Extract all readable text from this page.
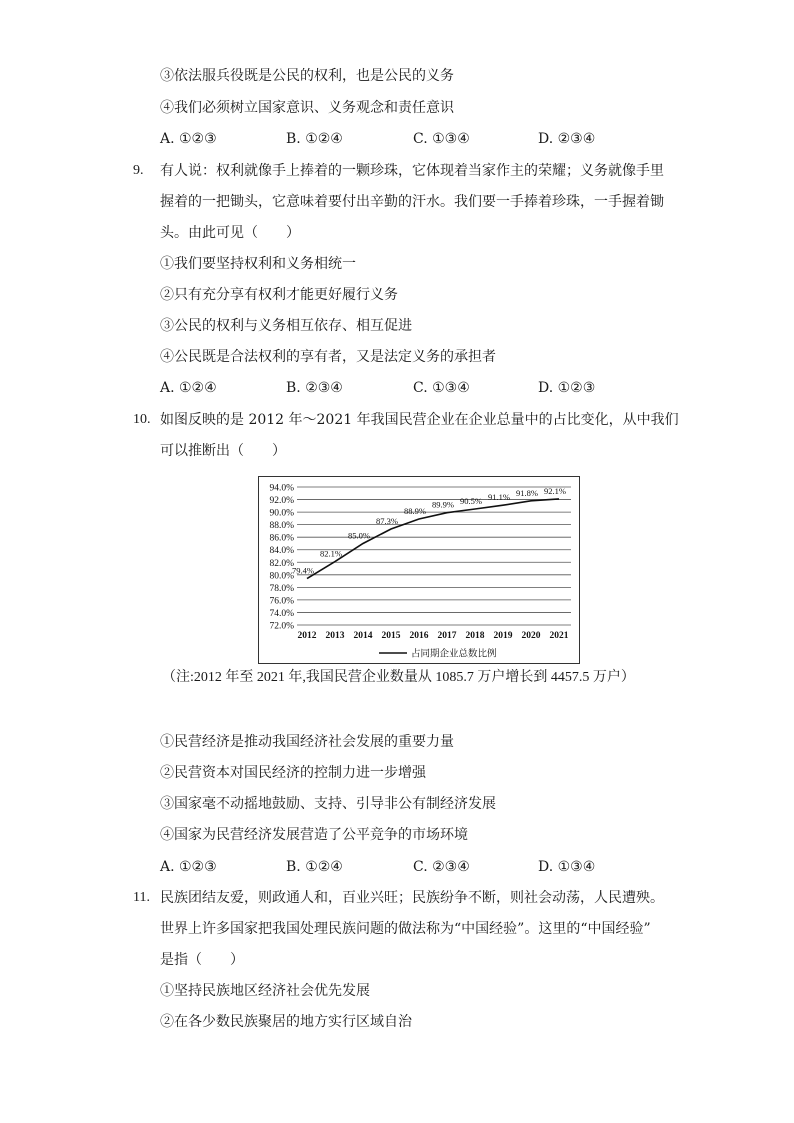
③依法服兵役既是公民的权利，也是公民的义务
④我们必须树立国家意识、义务观念和责任意识
A. ①②③	B. ①②④	C. ①③④	D. ②③④
9. 有人说：权利就像手上捧着的一颗珍珠，它体现着当家作主的荣耀；义务就像手里
握着的一把锄头，它意味着要付出辛勤的汗水。我们要一手捧着珍珠，一手握着锄
头。由此可见（　　）
①我们要坚持权利和义务相统一
②只有充分享有权利才能更好履行义务
③公民的权利与义务相互依存、相互促进
④公民既是合法权利的享有者，又是法定义务的承担者
A. ①②④	B. ②③④	C. ①③④	D. ①②③
10. 如图反映的是 2012 年～2021 年我国民营企业在企业总量中的占比变化，从中我们
可以推断出（　　）
94.0%
92.0%
90.0%
88.0%
86.0%
84.0%
82.0%
80.0%
78.0%
76.0%
74.0%
72.0%
2012 2013 2014 2015 2016 2017 2018 2019 2020 2021
79.4%
82.1%
85.0%
87.3%
88.9%
89.9% 90.5% 91.1% 91.8% 92.1%
占同期企业总数比例
（注:2012 年至 2021 年,我国民营企业数量从 1085.7 万户增长到 4457.5 万户）
①民营经济是推动我国经济社会发展的重要力量
②民营资本对国民经济的控制力进一步增强
③国家毫不动摇地鼓励、支持、引导非公有制经济发展
④国家为民营经济发展营造了公平竞争的市场环境
A. ①②③	B. ①②④	C. ②③④	D. ①③④
11. 民族团结友爱，则政通人和，百业兴旺；民族纷争不断，则社会动荡，人民遭殃。
世界上许多国家把我国处理民族问题的做法称为“中国经验”。这里的“中国经验”
是指（　　）
①坚持民族地区经济社会优先发展
②在各少数民族聚居的地方实行区域自治
